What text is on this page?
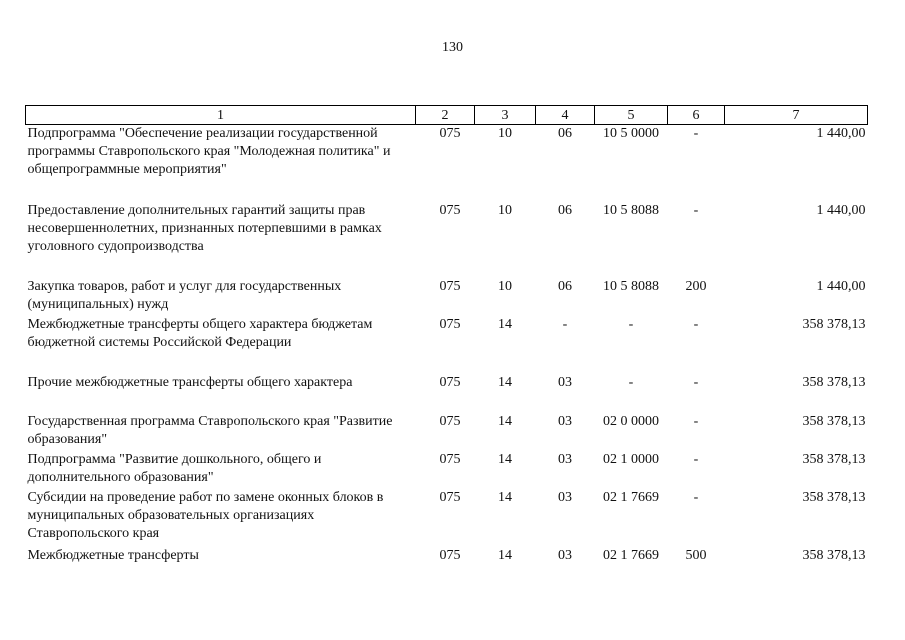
130
1	2	3	4	5	6	7
Подпрограмма "Обеспечение реализации государственной программы Ставропольского края "Молодежная политика" и общепрограммные мероприятия"	075	10	06	10 5 0000	-	1 440,00
Предоставление дополнительных гарантий защиты прав несовершеннолетних, признанных потерпевшими в рамках уголовного судопроизводства	075	10	06	10 5 8088	-	1 440,00
Закупка товаров, работ и услуг для государственных (муниципальных) нужд	075	10	06	10 5 8088	200	1 440,00
Межбюджетные трансферты общего характера бюджетам бюджетной системы Российской Федерации	075	14	-	-	-	358 378,13
Прочие межбюджетные трансферты общего характера	075	14	03	-	-	358 378,13
Государственная программа Ставропольского края "Развитие образования"	075	14	03	02 0 0000	-	358 378,13
Подпрограмма "Развитие дошкольного, общего и дополнительного образования"	075	14	03	02 1 0000	-	358 378,13
Субсидии на проведение работ по замене оконных блоков в муниципальных образовательных организациях Ставропольского края	075	14	03	02 1 7669	-	358 378,13
Межбюджетные трансферты	075	14	03	02 1 7669	500	358 378,13
